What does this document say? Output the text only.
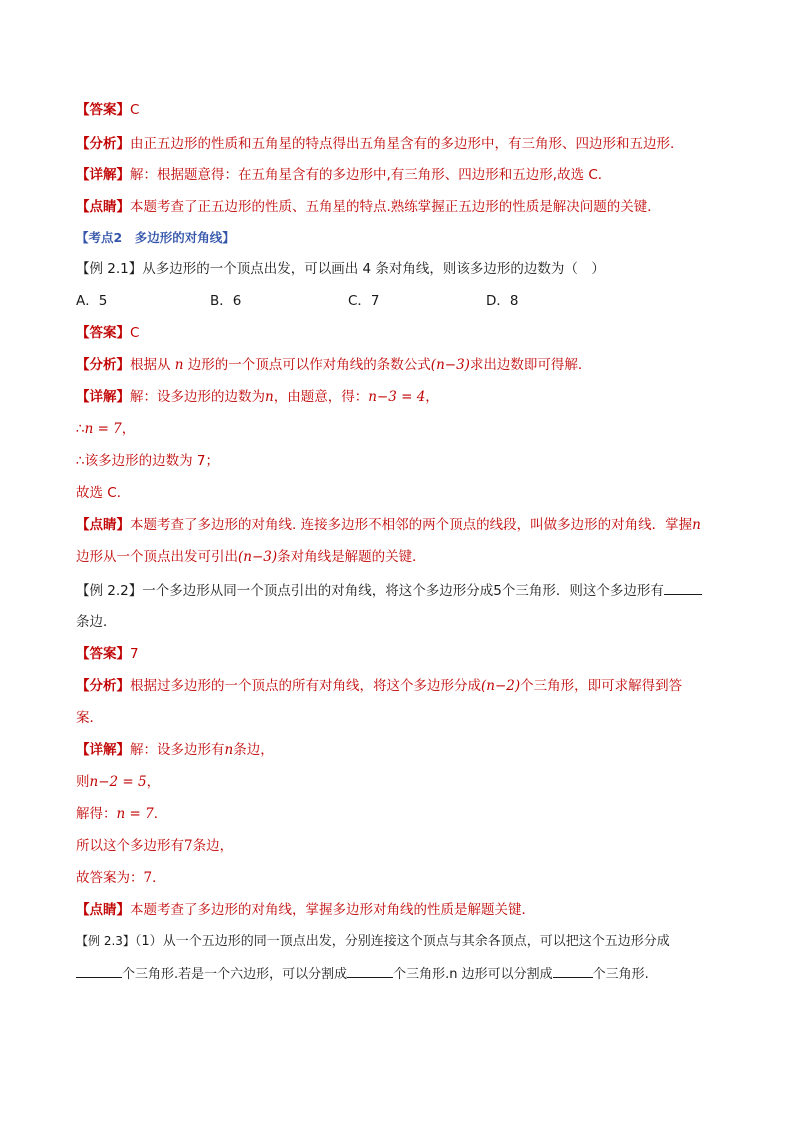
【答案】C
【分析】由正五边形的性质和五角星的特点得出五角星含有的多边形中，有三角形、四边形和五边形.
【详解】解：根据题意得：在五角星含有的多边形中,有三角形、四边形和五边形,故选 C．
【点睛】本题考查了正五边形的性质、五角星的特点.熟练掌握正五边形的性质是解决问题的关键．
【考点2　多边形的对角线】
【例 2.1】从多边形的一个顶点出发，可以画出 4 条对角线，则该多边形的边数为（　）
A．5	B．6	C．7	D．8
【答案】C
【分析】根据从 n 边形的一个顶点可以作对角线的条数公式(n−3)求出边数即可得解．
【详解】解：设多边形的边数为n，由题意，得：n−3 = 4，
∴n = 7，
∴该多边形的边数为 7；
故选 C．
【点睛】本题考查了多边形的对角线. 连接多边形不相邻的两个顶点的线段，叫做多边形的对角线．掌握n
边形从一个顶点出发可引出(n−3)条对角线是解题的关键．
【例 2.2】一个多边形从同一个顶点引出的对角线，将这个多边形分成5个三角形．则这个多边形有
条边．
【答案】7
【分析】根据过多边形的一个顶点的所有对角线，将这个多边形分成(n−2)个三角形，即可求解得到答
案．
【详解】解：设多边形有n条边，
则n−2 = 5，
解得：n = 7．
所以这个多边形有7条边，
故答案为：7．
【点睛】本题考查了多边形的对角线，掌握多边形对角线的性质是解题关键．
【例 2.3】（1）从一个五边形的同一顶点出发，分别连接这个顶点与其余各顶点，可以把这个五边形分成
个三角形.若是一个六边形，可以分割成	个三角形.n 边形可以分割成	个三角形.
